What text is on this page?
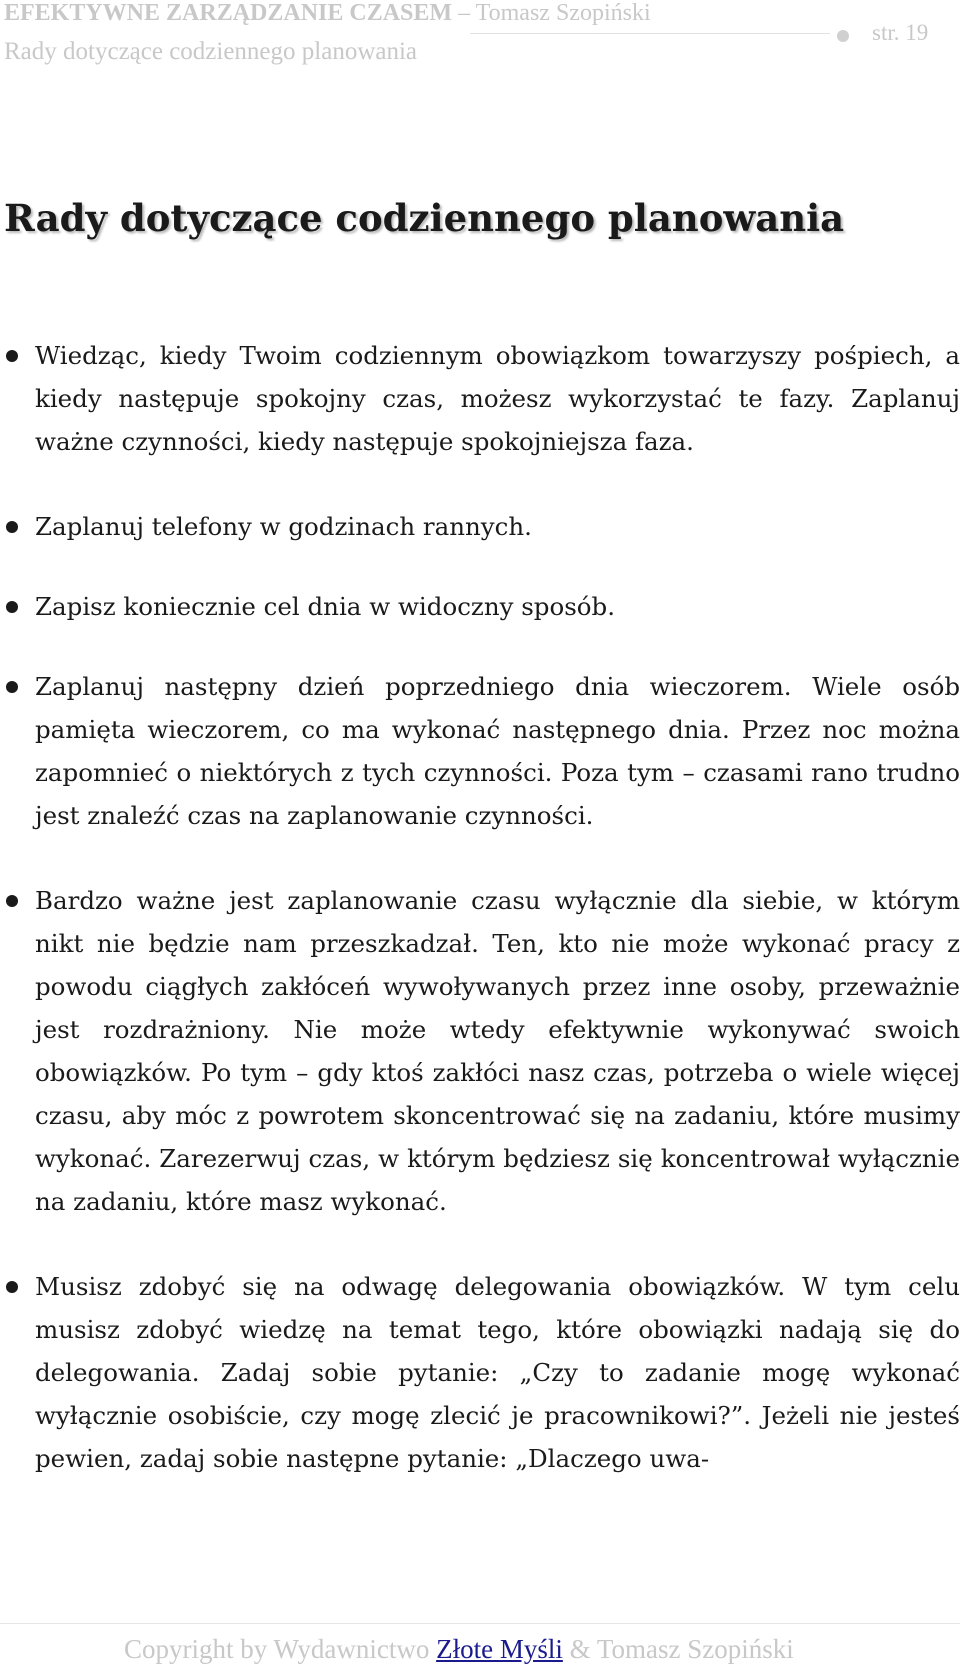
EFEKTYWNE ZARZĄDZANIE CZASEM – Tomasz Szopiński
Rady dotyczące codziennego planowania
str. 19
Rady dotyczące codziennego planowania
Wiedząc, kiedy Twoim codziennym obowiązkom towarzyszy pośpiech, a kiedy następuje spokojny czas, możesz wykorzystać te fazy. Zaplanuj ważne czynności, kiedy następuje spokojniejsza faza.
Zaplanuj telefony w godzinach rannych.
Zapisz koniecznie cel dnia w widoczny sposób.
Zaplanuj następny dzień poprzedniego dnia wieczorem. Wiele osób pamięta wieczorem, co ma wykonać następnego dnia. Przez noc można zapomnieć o niektórych z tych czynności. Poza tym – czasami rano trudno jest znaleźć czas na zaplanowanie czynności.
Bardzo ważne jest zaplanowanie czasu wyłącznie dla siebie, w którym nikt nie będzie nam przeszkadzał. Ten, kto nie może wykonać pracy z powodu ciągłych zakłóceń wywoływanych przez inne osoby, przeważnie jest rozdrażniony. Nie może wtedy efektywnie wykonywać swoich obowiązków. Po tym – gdy ktoś zakłóci nasz czas, potrzeba o wiele więcej czasu, aby móc z powrotem skoncentrować się na zadaniu, które musimy wykonać. Zarezerwuj czas, w którym będziesz się koncentrował wyłącznie na zadaniu, które masz wykonać.
Musisz zdobyć się na odwagę delegowania obowiązków. W tym celu musisz zdobyć wiedzę na temat tego, które obowiązki nadają się do delegowania. Zadaj sobie pytanie: „Czy to zadanie mogę wykonać wyłącznie osobiście, czy mogę zlecić je pracownikowi?”. Jeżeli nie jesteś pewien, zadaj sobie następne pytanie: „Dlaczego uwa-
Copyright by Wydawnictwo Złote Myśli & Tomasz Szopiński
